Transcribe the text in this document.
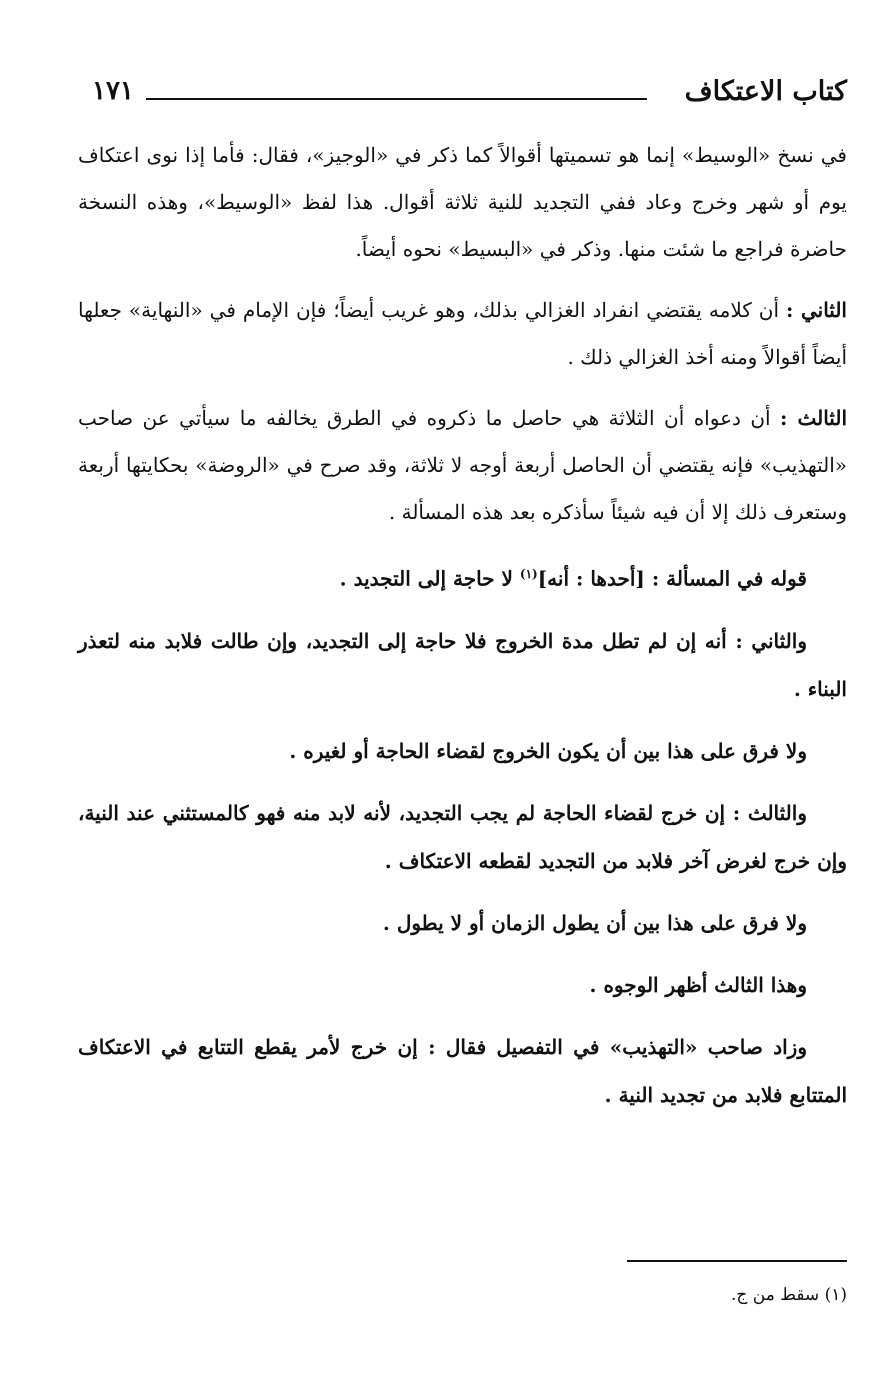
كتاب الاعتكاف
١٧١

في نسخ «الوسيط» إنما هو تسميتها أقوالاً كما ذكر في «الوجيز»، فقال: فأما إذا نوى اعتكاف يوم أو شهر وخرج وعاد ففي التجديد للنية ثلاثة أقوال. هذا لفظ «الوسيط»، وهذه النسخة حاضرة فراجع ما شئت منها. وذكر في «البسيط» نحوه أيضاً.

الثاني : أن كلامه يقتضي انفراد الغزالي بذلك، وهو غريب أيضاً؛ فإن الإمام في «النهاية» جعلها أيضاً أقوالاً ومنه أخذ الغزالي ذلك .

الثالث : أن دعواه أن الثلاثة هي حاصل ما ذكروه في الطرق يخالفه ما سيأتي عن صاحب «التهذيب» فإنه يقتضي أن الحاصل أربعة أوجه لا ثلاثة، وقد صرح في «الروضة» بحكايتها أربعة وستعرف ذلك إلا أن فيه شيئاً سأذكره بعد هذه المسألة .

قوله في المسألة : [أحدها : أنه]$^{(١)}$ لا حاجة إلى التجديد .

والثاني : أنه إن لم تطل مدة الخروج فلا حاجة إلى التجديد، وإن طالت فلابد منه لتعذر البناء .

ولا فرق على هذا بين أن يكون الخروج لقضاء الحاجة أو لغيره .

والثالث : إن خرج لقضاء الحاجة لم يجب التجديد، لأنه لابد منه فهو كالمستثني عند النية، وإن خرج لغرض آخر فلابد من التجديد لقطعه الاعتكاف .

ولا فرق على هذا بين أن يطول الزمان أو لا يطول .

وهذا الثالث أظهر الوجوه .

وزاد صاحب «التهذيب» في التفصيل فقال : إن خرج لأمر يقطع التتابع في الاعتكاف المتتابع فلابد من تجديد النية .

(١) سقط من ج.
